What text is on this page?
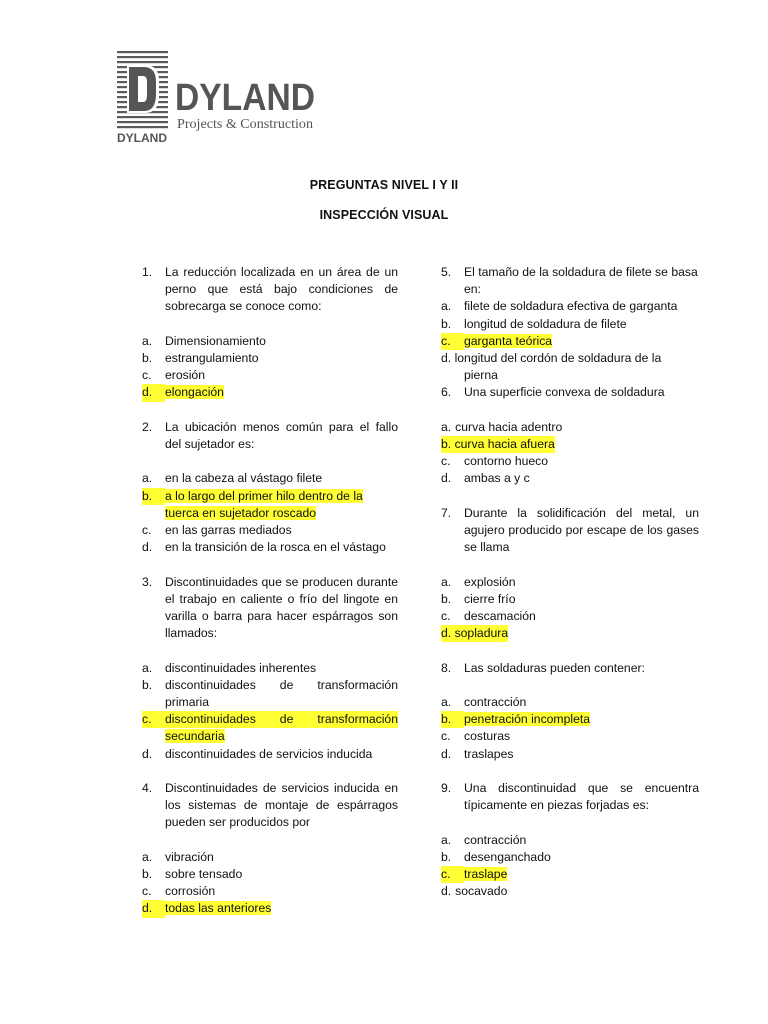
DYLAND
DYLAND
Projects & Construction
PREGUNTAS NIVEL I Y II
INSPECCIÓN VISUAL
1.	La reducción localizada en un área de un perno que está bajo condiciones de sobrecarga se conoce como:
a.	Dimensionamiento
b.	estrangulamiento
c.	erosión
d.	elongación
2.	La ubicación menos común para el fallo del sujetador es:
a.	en la cabeza al vástago filete
b.	a lo largo del primer hilo dentro de la
tuerca en sujetador roscado
c.	en las garras mediados
d.	en la transición de la rosca en el vástago
3.	Discontinuidades que se producen durante el trabajo en caliente o frío del lingote en varilla o barra para hacer espárragos son llamados:
a.	discontinuidades inherentes
b.	discontinuidades de transformación primaria
c.	discontinuidades de transformación
secundaria
d.	discontinuidades de servicios inducida
4.	Discontinuidades de servicios inducida en los sistemas de montaje de espárragos pueden ser producidos por
a.	vibración
b.	sobre tensado
c.	corrosión
d.	todas las anteriores
5.	El tamaño de la soldadura de filete se basa en:
a.	filete de soldadura efectiva de garganta
b.	longitud de soldadura de filete
c.	garganta teórica
d. longitud del cordón de soldadura de la
pierna
6.	Una superficie convexa de soldadura
a. curva hacia adentro
b. curva hacia afuera
c.	contorno hueco
d.	ambas a y c
7.	Durante la solidificación del metal, un agujero producido por escape de los gases se llama
a.	explosión
b.	cierre frío
c.	descamación
d. sopladura
8.	Las soldaduras pueden contener:
a.	contracción
b.	penetración incompleta
c.	costuras
d.	traslapes
9.	Una discontinuidad que se encuentra típicamente en piezas forjadas es:
a.	contracción
b.	desenganchado
c.	traslape
d. socavado
